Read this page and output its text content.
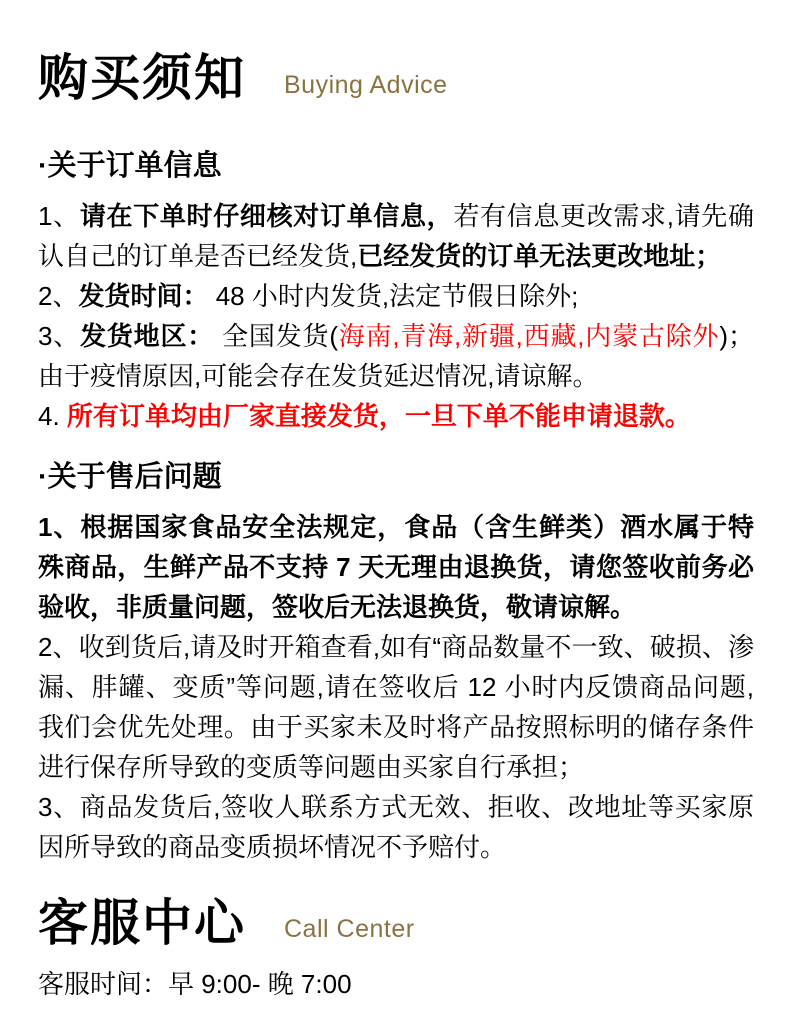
购买须知 Buying Advice
·关于订单信息

1、请在下单时仔细核对订单信息，若有信息更改需求,请先确认自己的订单是否已经发货,已经发货的订单无法更改地址；

2、发货时间： 48 小时内发货,法定节假日除外;

3、发货地区： 全国发货(海南,青海,新疆,西藏,内蒙古除外)；由于疫情原因,可能会存在发货延迟情况,请谅解。

4. 所有订单均由厂家直接发货，一旦下单不能申请退款。

·关于售后问题

1、根据国家食品安全法规定，食品（含生鲜类）酒水属于特殊商品，生鲜产品不支持 7 天无理由退换货，请您签收前务必验收，非质量问题，签收后无法退换货，敬请谅解。

2、收到货后,请及时开箱查看,如有“商品数量不一致、破损、渗漏、肨罐、变质”等问题,请在签收后 12 小时内反馈商品问题,我们会优先处理。由于买家未及时将产品按照标明的储存条件进行保存所导致的变质等问题由买家自行承担；

3、商品发货后,签收人联系方式无效、拒收、改地址等买家原因所导致的商品变质损坏情况不予赔付。

客服中心 Call Center

客服时间：早 9:00- 晚 7:00
